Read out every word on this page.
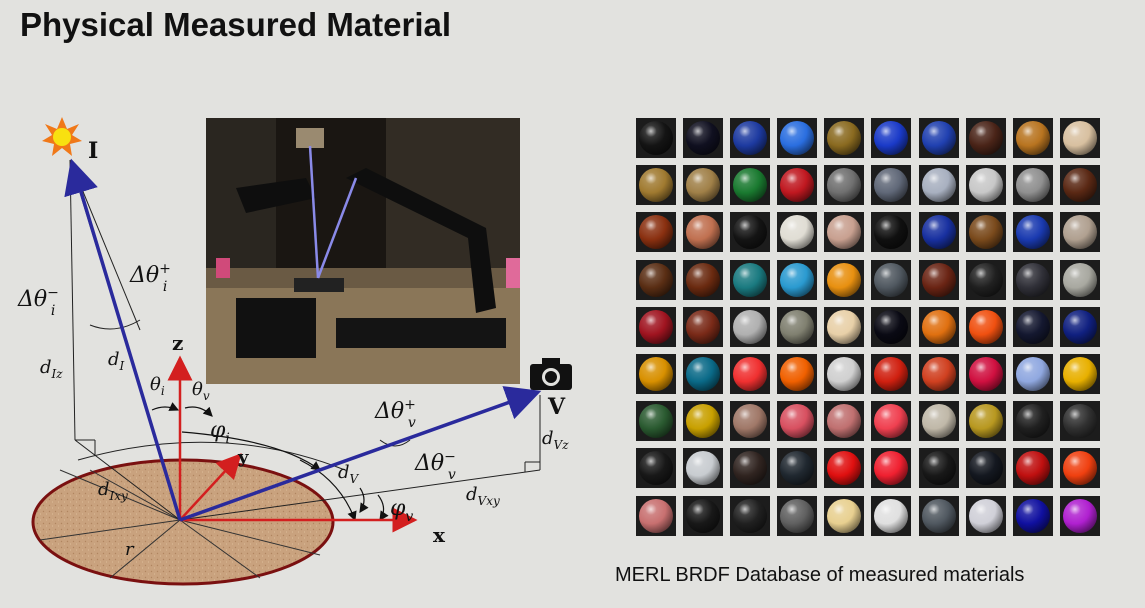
Physical Measured Material
I
V
z
y
x
Δθ− i
Δθ+ i
$d_{Iz}$
$d_I$
$\theta_i$ $\theta_v$
$\varphi_i$
Δθ+ v
Δθ− v
$d_V$
$d_{Vz}$
$d_{Vxy}$
$d_{Ixy}$	$\varphi_v$
r
MERL BRDF Database of measured materials
